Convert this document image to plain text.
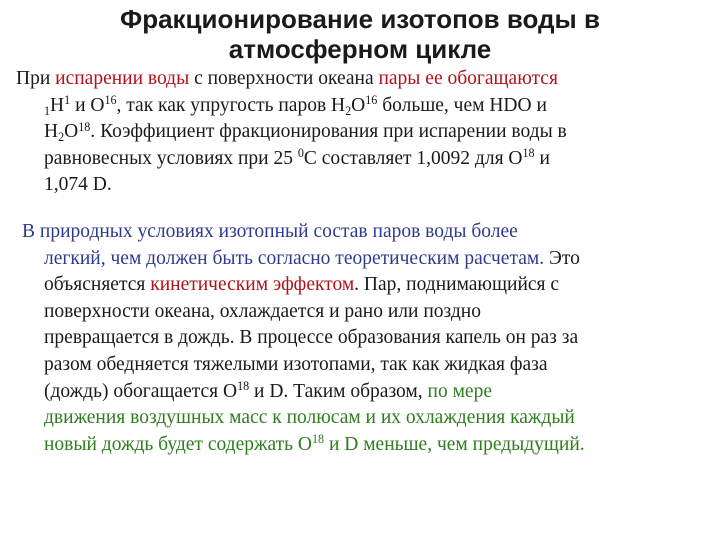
Фракционирование изотопов воды в атмосферном цикле
При испарении воды с поверхности океана пары ее обогащаются
$_1H^1$ и $O^{16}$, так как упругость паров $H_2O^{16}$ больше, чем HDO и
$H_2O^{18}$. Коэффициент фракционирования при испарении воды в
равновесных условиях при 25 $^0$С составляет 1,0092 для $O^{18}$ и
1,074 D.
В природных условиях изотопный состав паров воды более
легкий, чем должен быть согласно теоретическим расчетам. Это
объясняется кинетическим эффектом. Пар, поднимающийся с
поверхности океана, охлаждается и рано или поздно
превращается в дождь. В процессе образования капель он раз за
разом обедняется тяжелыми изотопами, так как жидкая фаза
(дождь) обогащается $O^{18}$ и D. Таким образом, по мере
движения воздушных масс к полюсам и их охлаждения каждый
новый дождь будет содержать $O^{18}$ и D меньше, чем предыдущий.
